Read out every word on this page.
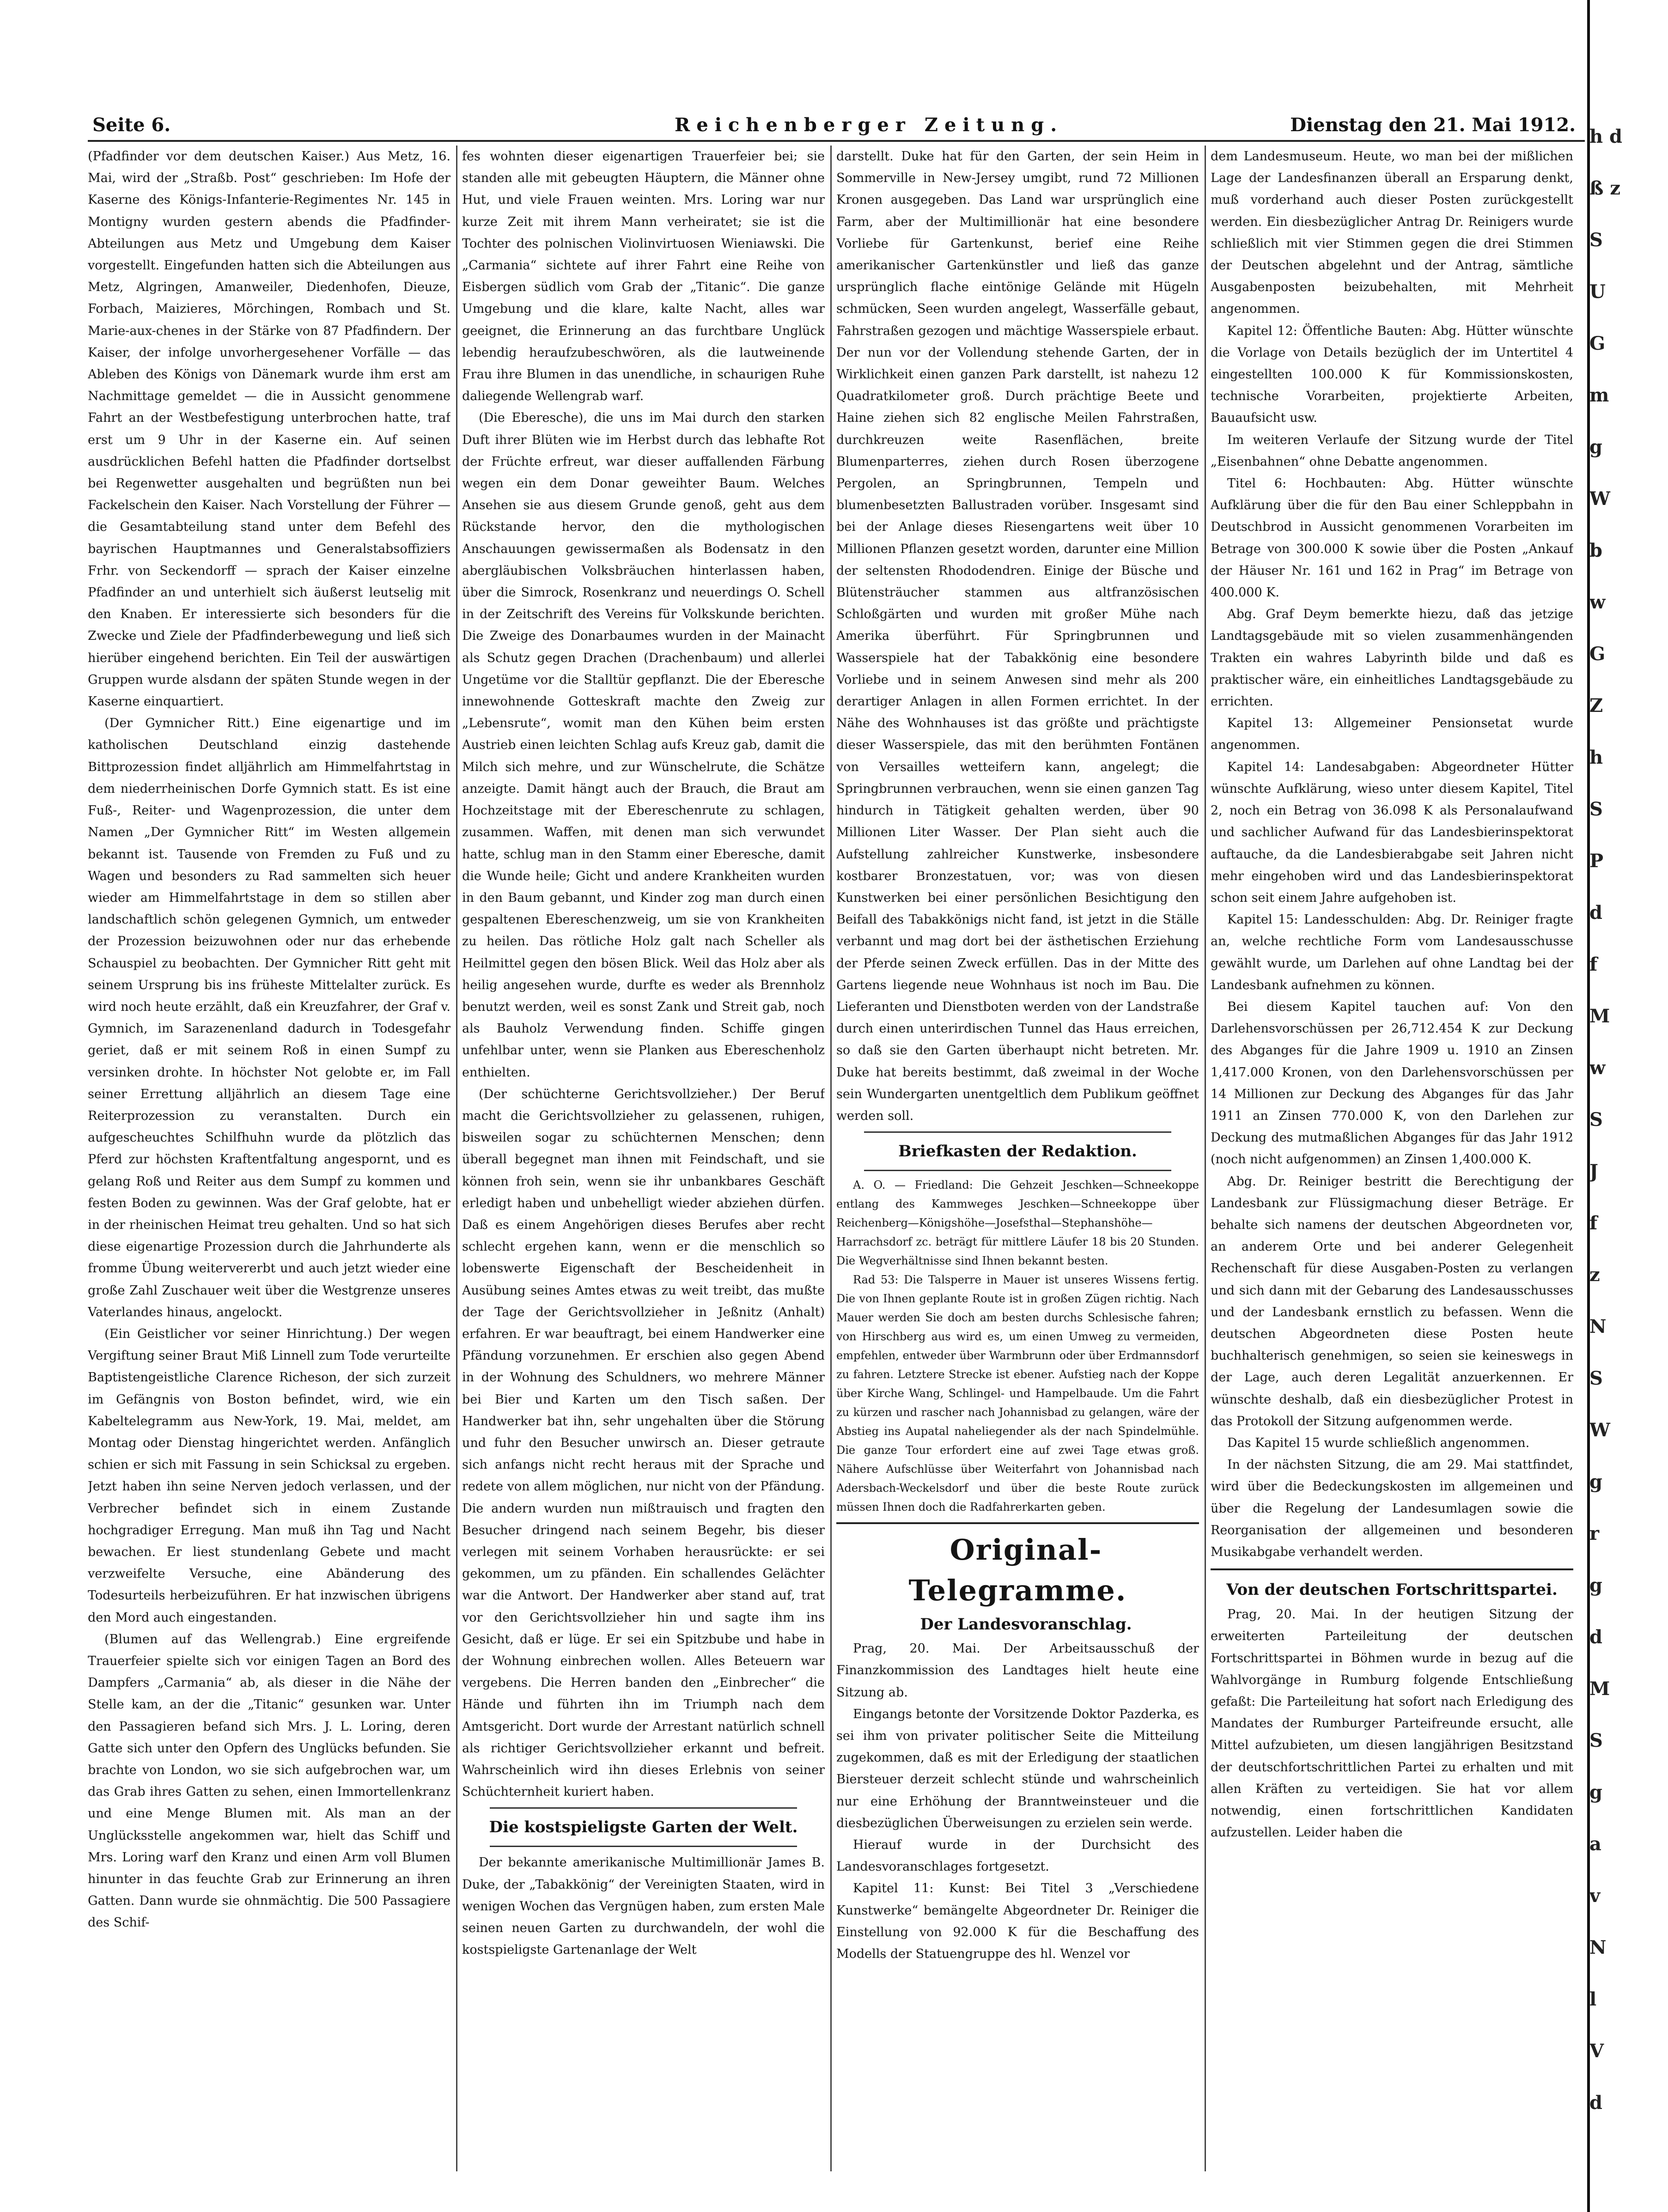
Seite 6.	Reichenberger Zeitung.	Dienstag den 21. Mai 1912.

(Pfadfinder vor dem deutschen Kaiser.) Aus Metz, 16. Mai, wird der „Straßb. Post“ geschrieben: Im Hofe der Kaserne des Königs-Infanterie-Regimentes Nr. 145 in Montigny wurden gestern abends die Pfadfinder-Abteilungen aus Metz und Umgebung dem Kaiser vorgestellt. Eingefunden hatten sich die Abteilungen aus Metz, Algringen, Amanweiler, Diedenhofen, Dieuze, Forbach, Maizieres, Mörchingen, Rombach und St. Marie-aux-chenes in der Stärke von 87 Pfadfindern. Der Kaiser, der infolge unvorhergesehener Vorfälle — das Ableben des Königs von Dänemark wurde ihm erst am Nachmittage gemeldet — die in Aussicht genommene Fahrt an der Westbefestigung unterbrochen hatte, traf erst um 9 Uhr in der Kaserne ein. Auf seinen ausdrücklichen Befehl hatten die Pfadfinder dortselbst bei Regenwetter ausgehalten und begrüßten nun bei Fackelschein den Kaiser. Nach Vorstellung der Führer — die Gesamtabteilung stand unter dem Befehl des bayrischen Hauptmannes und Generalstabsoffiziers Frhr. von Seckendorff — sprach der Kaiser einzelne Pfadfinder an und unterhielt sich äußerst leutselig mit den Knaben. Er interessierte sich besonders für die Zwecke und Ziele der Pfadfinderbewegung und ließ sich hierüber eingehend berichten. Ein Teil der auswärtigen Gruppen wurde alsdann der späten Stunde wegen in der Kaserne einquartiert.

(Der Gymnicher Ritt.) Eine eigenartige und im katholischen Deutschland einzig dastehende Bittprozession findet alljährlich am Himmelfahrtstag in dem niederrheinischen Dorfe Gymnich statt. Es ist eine Fuß-, Reiter- und Wagenprozession, die unter dem Namen „Der Gymnicher Ritt“ im Westen allgemein bekannt ist. Tausende von Fremden zu Fuß und zu Wagen und besonders zu Rad sammelten sich heuer wieder am Himmelfahrtstage in dem so stillen aber landschaftlich schön gelegenen Gymnich, um entweder der Prozession beizuwohnen oder nur das erhebende Schauspiel zu beobachten. Der Gymnicher Ritt geht mit seinem Ursprung bis ins früheste Mittelalter zurück. Es wird noch heute erzählt, daß ein Kreuzfahrer, der Graf v. Gymnich, im Sarazenenland dadurch in Todesgefahr geriet, daß er mit seinem Roß in einen Sumpf zu versinken drohte. In höchster Not gelobte er, im Fall seiner Errettung alljährlich an diesem Tage eine Reiterprozession zu veranstalten. Durch ein aufgescheuchtes Schilfhuhn wurde da plötzlich das Pferd zur höchsten Kraftentfaltung angespornt, und es gelang Roß und Reiter aus dem Sumpf zu kommen und festen Boden zu gewinnen. Was der Graf gelobte, hat er in der rheinischen Heimat treu gehalten. Und so hat sich diese eigenartige Prozession durch die Jahrhunderte als fromme Übung weitervererbt und auch jetzt wieder eine große Zahl Zuschauer weit über die Westgrenze unseres Vaterlandes hinaus, angelockt.

(Ein Geistlicher vor seiner Hinrichtung.) Der wegen Vergiftung seiner Braut Miß Linnell zum Tode verurteilte Baptistengeistliche Clarence Richeson, der sich zurzeit im Gefängnis von Boston befindet, wird, wie ein Kabeltelegramm aus New-York, 19. Mai, meldet, am Montag oder Dienstag hingerichtet werden. Anfänglich schien er sich mit Fassung in sein Schicksal zu ergeben. Jetzt haben ihn seine Nerven jedoch verlassen, und der Verbrecher befindet sich in einem Zustande hochgradiger Erregung. Man muß ihn Tag und Nacht bewachen. Er liest stundenlang Gebete und macht verzweifelte Versuche, eine Abänderung des Todesurteils herbeizuführen. Er hat inzwischen übrigens den Mord auch eingestanden.

(Blumen auf das Wellengrab.) Eine ergreifende Trauerfeier spielte sich vor einigen Tagen an Bord des Dampfers „Carmania“ ab, als dieser in die Nähe der Stelle kam, an der die „Titanic“ gesunken war. Unter den Passagieren befand sich Mrs. J. L. Loring, deren Gatte sich unter den Opfern des Unglücks befunden. Sie brachte von London, wo sie sich aufgebrochen war, um das Grab ihres Gatten zu sehen, einen Immortellenkranz und eine Menge Blumen mit. Als man an der Unglücksstelle angekommen war, hielt das Schiff und Mrs. Loring warf den Kranz und einen Arm voll Blumen hinunter in das feuchte Grab zur Erinnerung an ihren Gatten. Dann wurde sie ohnmächtig. Die 500 Passagiere des Schif-

fes wohnten dieser eigenartigen Trauerfeier bei; sie standen alle mit gebeugten Häuptern, die Männer ohne Hut, und viele Frauen weinten. Mrs. Loring war nur kurze Zeit mit ihrem Mann verheiratet; sie ist die Tochter des polnischen Violinvirtuosen Wieniawski. Die „Carmania“ sichtete auf ihrer Fahrt eine Reihe von Eisbergen südlich vom Grab der „Titanic“. Die ganze Umgebung und die klare, kalte Nacht, alles war geeignet, die Erinnerung an das furchtbare Unglück lebendig heraufzubeschwören, als die lautweinende Frau ihre Blumen in das unendliche, in schaurigen Ruhe daliegende Wellengrab warf.

(Die Eberesche), die uns im Mai durch den starken Duft ihrer Blüten wie im Herbst durch das lebhafte Rot der Früchte erfreut, war dieser auffallenden Färbung wegen ein dem Donar geweihter Baum. Welches Ansehen sie aus diesem Grunde genoß, geht aus dem Rückstande hervor, den die mythologischen Anschauungen gewissermaßen als Bodensatz in den abergläubischen Volksbräuchen hinterlassen haben, über die Simrock, Rosenkranz und neuerdings O. Schell in der Zeitschrift des Vereins für Volkskunde berichten. Die Zweige des Donarbaumes wurden in der Mainacht als Schutz gegen Drachen (Drachenbaum) und allerlei Ungetüme vor die Stalltür gepflanzt. Die der Eberesche innewohnende Gotteskraft machte den Zweig zur „Lebensrute“, womit man den Kühen beim ersten Austrieb einen leichten Schlag aufs Kreuz gab, damit die Milch sich mehre, und zur Wünschelrute, die Schätze anzeigte. Damit hängt auch der Brauch, die Braut am Hochzeitstage mit der Ebereschenrute zu schlagen, zusammen. Waffen, mit denen man sich verwundet hatte, schlug man in den Stamm einer Eberesche, damit die Wunde heile; Gicht und andere Krankheiten wurden in den Baum gebannt, und Kinder zog man durch einen gespaltenen Ebereschenzweig, um sie von Krankheiten zu heilen. Das rötliche Holz galt nach Scheller als Heilmittel gegen den bösen Blick. Weil das Holz aber als heilig angesehen wurde, durfte es weder als Brennholz benutzt werden, weil es sonst Zank und Streit gab, noch als Bauholz Verwendung finden. Schiffe gingen unfehlbar unter, wenn sie Planken aus Ebereschenholz enthielten.

(Der schüchterne Gerichtsvollzieher.) Der Beruf macht die Gerichtsvollzieher zu gelassenen, ruhigen, bisweilen sogar zu schüchternen Menschen; denn überall begegnet man ihnen mit Feindschaft, und sie können froh sein, wenn sie ihr unbankbares Geschäft erledigt haben und unbehelligt wieder abziehen dürfen. Daß es einem Angehörigen dieses Berufes aber recht schlecht ergehen kann, wenn er die menschlich so lobenswerte Eigenschaft der Bescheidenheit in Ausübung seines Amtes etwas zu weit treibt, das mußte der Tage der Gerichtsvollzieher in Jeßnitz (Anhalt) erfahren. Er war beauftragt, bei einem Handwerker eine Pfändung vorzunehmen. Er erschien also gegen Abend in der Wohnung des Schuldners, wo mehrere Männer bei Bier und Karten um den Tisch saßen. Der Handwerker bat ihn, sehr ungehalten über die Störung und fuhr den Besucher unwirsch an. Dieser getraute sich anfangs nicht recht heraus mit der Sprache und redete von allem möglichen, nur nicht von der Pfändung. Die andern wurden nun mißtrauisch und fragten den Besucher dringend nach seinem Begehr, bis dieser verlegen mit seinem Vorhaben herausrückte: er sei gekommen, um zu pfänden. Ein schallendes Gelächter war die Antwort. Der Handwerker aber stand auf, trat vor den Gerichtsvollzieher hin und sagte ihm ins Gesicht, daß er lüge. Er sei ein Spitzbube und habe in der Wohnung einbrechen wollen. Alles Beteuern war vergebens. Die Herren banden den „Einbrecher“ die Hände und führten ihn im Triumph nach dem Amtsgericht. Dort wurde der Arrestant natürlich schnell als richtiger Gerichtsvollzieher erkannt und befreit. Wahrscheinlich wird ihn dieses Erlebnis von seiner Schüchternheit kuriert haben.

Die kostspieligste Garten der Welt.

Der bekannte amerikanische Multimillionär James B. Duke, der „Tabakkönig“ der Vereinigten Staaten, wird in wenigen Wochen das Vergnügen haben, zum ersten Male seinen neuen Garten zu durchwandeln, der wohl die kostspieligste Gartenanlage der Welt

darstellt. Duke hat für den Garten, der sein Heim in Sommerville in New-Jersey umgibt, rund 72 Millionen Kronen ausgegeben. Das Land war ursprünglich eine Farm, aber der Multimillionär hat eine besondere Vorliebe für Gartenkunst, berief eine Reihe amerikanischer Gartenkünstler und ließ das ganze ursprünglich flache eintönige Gelände mit Hügeln schmücken, Seen wurden angelegt, Wasserfälle gebaut, Fahrstraßen gezogen und mächtige Wasserspiele erbaut. Der nun vor der Vollendung stehende Garten, der in Wirklichkeit einen ganzen Park darstellt, ist nahezu 12 Quadratkilometer groß. Durch prächtige Beete und Haine ziehen sich 82 englische Meilen Fahrstraßen, durchkreuzen weite Rasenflächen, breite Blumenparterres, ziehen durch Rosen überzogene Pergolen, an Springbrunnen, Tempeln und blumenbesetzten Ballustraden vorüber. Insgesamt sind bei der Anlage dieses Riesengartens weit über 10 Millionen Pflanzen gesetzt worden, darunter eine Million der seltensten Rhododendren. Einige der Büsche und Blütensträucher stammen aus altfranzösischen Schloßgärten und wurden mit großer Mühe nach Amerika überführt. Für Springbrunnen und Wasserspiele hat der Tabakkönig eine besondere Vorliebe und in seinem Anwesen sind mehr als 200 derartiger Anlagen in allen Formen errichtet. In der Nähe des Wohnhauses ist das größte und prächtigste dieser Wasserspiele, das mit den berühmten Fontänen von Versailles wetteifern kann, angelegt; die Springbrunnen verbrauchen, wenn sie einen ganzen Tag hindurch in Tätigkeit gehalten werden, über 90 Millionen Liter Wasser. Der Plan sieht auch die Aufstellung zahlreicher Kunstwerke, insbesondere kostbarer Bronzestatuen, vor; was von diesen Kunstwerken bei einer persönlichen Besichtigung den Beifall des Tabakkönigs nicht fand, ist jetzt in die Ställe verbannt und mag dort bei der ästhetischen Erziehung der Pferde seinen Zweck erfüllen. Das in der Mitte des Gartens liegende neue Wohnhaus ist noch im Bau. Die Lieferanten und Dienstboten werden von der Landstraße durch einen unterirdischen Tunnel das Haus erreichen, so daß sie den Garten überhaupt nicht betreten. Mr. Duke hat bereits bestimmt, daß zweimal in der Woche sein Wundergarten unentgeltlich dem Publikum geöffnet werden soll.

Briefkasten der Redaktion.

A. O. — Friedland: Die Gehzeit Jeschken—Schneekoppe entlang des Kammweges Jeschken—Schneekoppe über Reichenberg—Königshöhe—Josefsthal—Stephanshöhe—Harrachsdorf zc. beträgt für mittlere Läufer 18 bis 20 Stunden. Die Wegverhältnisse sind Ihnen bekannt besten.

Rad 53: Die Talsperre in Mauer ist unseres Wissens fertig. Die von Ihnen geplante Route ist in großen Zügen richtig. Nach Mauer werden Sie doch am besten durchs Schlesische fahren; von Hirschberg aus wird es, um einen Umweg zu vermeiden, empfehlen, entweder über Warmbrunn oder über Erdmannsdorf zu fahren. Letztere Strecke ist ebener. Aufstieg nach der Koppe über Kirche Wang, Schlingel- und Hampelbaude. Um die Fahrt zu kürzen und rascher nach Johannisbad zu gelangen, wäre der Abstieg ins Aupatal naheliegender als der nach Spindelmühle. Die ganze Tour erfordert eine auf zwei Tage etwas groß. Nähere Aufschlüsse über Weiterfahrt von Johannisbad nach Adersbach-Weckelsdorf und über die beste Route zurück müssen Ihnen doch die Radfahrerkarten geben.

Original-Telegramme.

Der Landesvoranschlag.

Prag, 20. Mai. Der Arbeitsausschuß der Finanzkommission des Landtages hielt heute eine Sitzung ab.

Eingangs betonte der Vorsitzende Doktor Pazderka, es sei ihm von privater politischer Seite die Mitteilung zugekommen, daß es mit der Erledigung der staatlichen Biersteuer derzeit schlecht stünde und wahrscheinlich nur eine Erhöhung der Branntweinsteuer und die diesbezüglichen Überweisungen zu erzielen sein werde.

Hierauf wurde in der Durchsicht des Landesvoranschlages fortgesetzt.

Kapitel 11: Kunst: Bei Titel 3 „Verschiedene Kunstwerke“ bemängelte Abgeordneter Dr. Reiniger die Einstellung von 92.000 K für die Beschaffung des Modells der Statuengruppe des hl. Wenzel vor

dem Landesmuseum. Heute, wo man bei der mißlichen Lage der Landesfinanzen überall an Ersparung denkt, muß vorderhand auch dieser Posten zurückgestellt werden. Ein diesbezüglicher Antrag Dr. Reinigers wurde schließlich mit vier Stimmen gegen die drei Stimmen der Deutschen abgelehnt und der Antrag, sämtliche Ausgabenposten beizubehalten, mit Mehrheit angenommen.

Kapitel 12: Öffentliche Bauten: Abg. Hütter wünschte die Vorlage von Details bezüglich der im Untertitel 4 eingestellten 100.000 K für Kommissionskosten, technische Vorarbeiten, projektierte Arbeiten, Bauaufsicht usw.

Im weiteren Verlaufe der Sitzung wurde der Titel „Eisenbahnen“ ohne Debatte angenommen.

Titel 6: Hochbauten: Abg. Hütter wünschte Aufklärung über die für den Bau einer Schleppbahn in Deutschbrod in Aussicht genommenen Vorarbeiten im Betrage von 300.000 K sowie über die Posten „Ankauf der Häuser Nr. 161 und 162 in Prag“ im Betrage von 400.000 K.

Abg. Graf Deym bemerkte hiezu, daß das jetzige Landtagsgebäude mit so vielen zusammenhängenden Trakten ein wahres Labyrinth bilde und daß es praktischer wäre, ein einheitliches Landtagsgebäude zu errichten.

Kapitel 13: Allgemeiner Pensionsetat wurde angenommen.

Kapitel 14: Landesabgaben: Abgeordneter Hütter wünschte Aufklärung, wieso unter diesem Kapitel, Titel 2, noch ein Betrag von 36.098 K als Personalaufwand und sachlicher Aufwand für das Landesbierinspektorat auftauche, da die Landesbierabgabe seit Jahren nicht mehr eingehoben wird und das Landesbierinspektorat schon seit einem Jahre aufgehoben ist.

Kapitel 15: Landesschulden: Abg. Dr. Reiniger fragte an, welche rechtliche Form vom Landesausschusse gewählt wurde, um Darlehen auf ohne Landtag bei der Landesbank aufnehmen zu können.

Bei diesem Kapitel tauchen auf: Von den Darlehensvorschüssen per 26,712.454 K zur Deckung des Abganges für die Jahre 1909 u. 1910 an Zinsen 1,417.000 Kronen, von den Darlehensvorschüssen per 14 Millionen zur Deckung des Abganges für das Jahr 1911 an Zinsen 770.000 K, von den Darlehen zur Deckung des mutmaßlichen Abganges für das Jahr 1912 (noch nicht aufgenommen) an Zinsen 1,400.000 K.

Abg. Dr. Reiniger bestritt die Berechtigung der Landesbank zur Flüssigmachung dieser Beträge. Er behalte sich namens der deutschen Abgeordneten vor, an anderem Orte und bei anderer Gelegenheit Rechenschaft für diese Ausgaben-Posten zu verlangen und sich dann mit der Gebarung des Landesausschusses und der Landesbank ernstlich zu befassen. Wenn die deutschen Abgeordneten diese Posten heute buchhalterisch genehmigen, so seien sie keineswegs in der Lage, auch deren Legalität anzuerkennen. Er wünschte deshalb, daß ein diesbezüglicher Protest in das Protokoll der Sitzung aufgenommen werde.

Das Kapitel 15 wurde schließlich angenommen.

In der nächsten Sitzung, die am 29. Mai stattfindet, wird über die Bedeckungskosten im allgemeinen und über die Regelung der Landesumlagen sowie die Reorganisation der allgemeinen und besonderen Musikabgabe verhandelt werden.

Von der deutschen Fortschrittspartei.

Prag, 20. Mai. In der heutigen Sitzung der erweiterten Parteileitung der deutschen Fortschrittspartei in Böhmen wurde in bezug auf die Wahlvorgänge in Rumburg folgende Entschließung gefaßt: Die Parteileitung hat sofort nach Erledigung des Mandates der Rumburger Parteifreunde ersucht, alle Mittel aufzubieten, um diesen langjährigen Besitzstand der deutschfortschrittlichen Partei zu erhalten und mit allen Kräften zu verteidigen. Sie hat vor allem notwendig, einen fortschrittlichen Kandidaten aufzustellen. Leider haben die

h d
ß z
S
U
G
m
g
W
b
w
G
Z
h
S
P
d
f
M
w
S
J
f
z
N
S
W
g
r
g
d
M
S
g
a
v
N
l
V
d
